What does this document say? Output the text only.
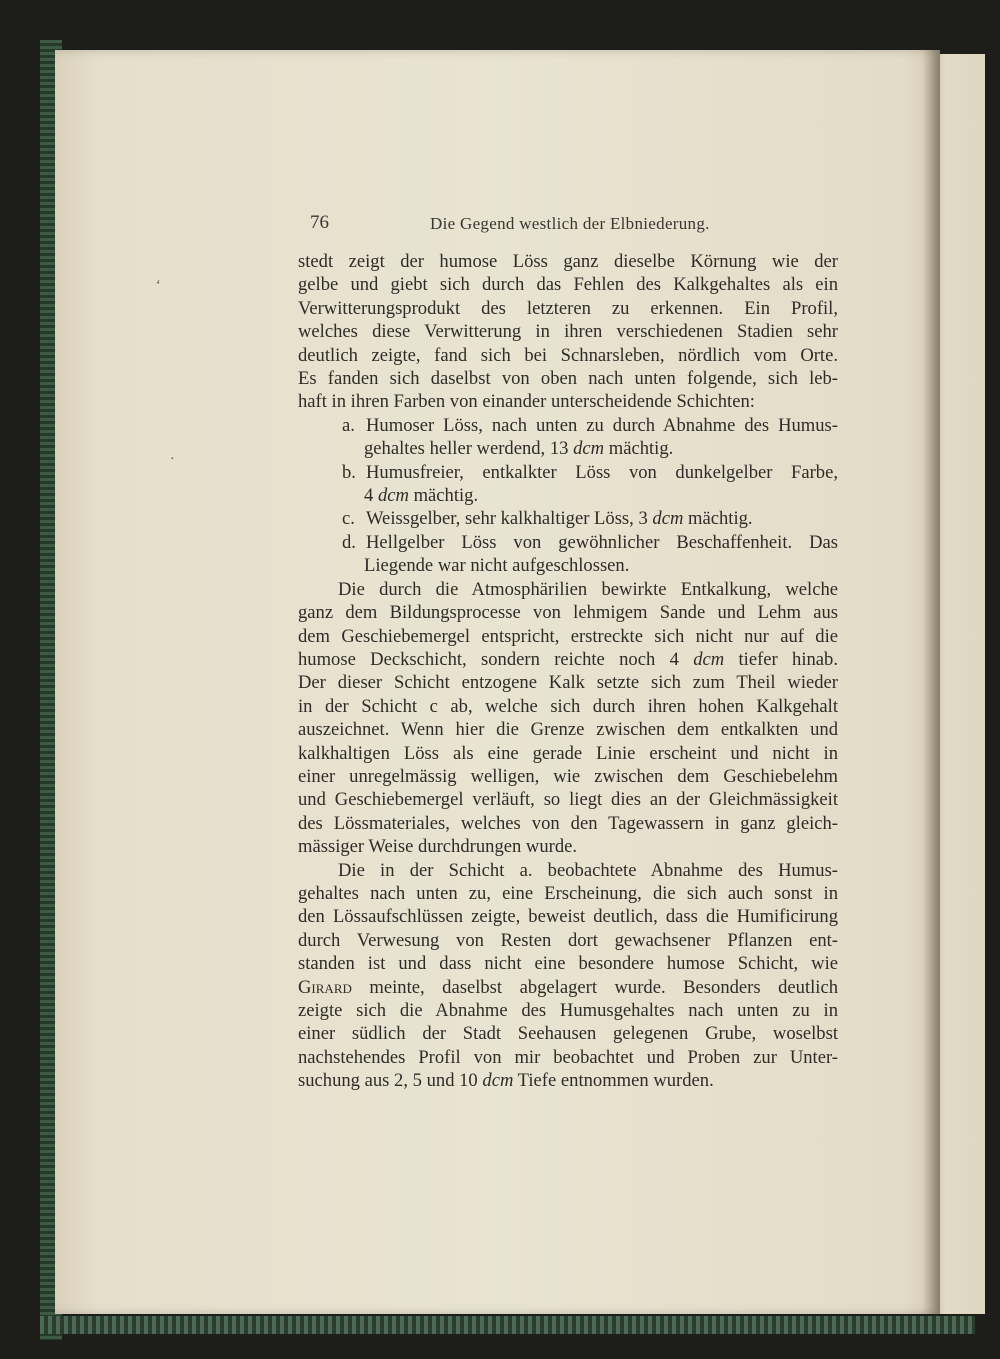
76	Die Gegend westlich der Elbniederung.
‘
·
stedt zeigt der humose Löss ganz dieselbe Körnung wie der
gelbe und giebt sich durch das Fehlen des Kalkgehaltes als ein
Verwitterungsprodukt des letzteren zu erkennen. Ein Profil,
welches diese Verwitterung in ihren verschiedenen Stadien sehr
deutlich zeigte, fand sich bei Schnarsleben, nördlich vom Orte.
Es fanden sich daselbst von oben nach unten folgende, sich leb-
haft in ihren Farben von einander unterscheidende Schichten:
a. Humoser Löss, nach unten zu durch Abnahme des Humus-
gehaltes heller werdend, 13 dcm mächtig.
b. Humusfreier, entkalkter Löss von dunkelgelber Farbe,
4 dcm mächtig.
c. Weissgelber, sehr kalkhaltiger Löss, 3 dcm mächtig.
d. Hellgelber Löss von gewöhnlicher Beschaffenheit. Das
Liegende war nicht aufgeschlossen.
Die durch die Atmosphärilien bewirkte Entkalkung, welche
ganz dem Bildungsprocesse von lehmigem Sande und Lehm aus
dem Geschiebemergel entspricht, erstreckte sich nicht nur auf die
humose Deckschicht, sondern reichte noch 4 dcm tiefer hinab.
Der dieser Schicht entzogene Kalk setzte sich zum Theil wieder
in der Schicht c ab, welche sich durch ihren hohen Kalkgehalt
auszeichnet. Wenn hier die Grenze zwischen dem entkalkten und
kalkhaltigen Löss als eine gerade Linie erscheint und nicht in
einer unregelmässig welligen, wie zwischen dem Geschiebelehm
und Geschiebemergel verläuft, so liegt dies an der Gleichmässigkeit
des Lössmateriales, welches von den Tagewassern in ganz gleich-
mässiger Weise durchdrungen wurde.
Die in der Schicht a. beobachtete Abnahme des Humus-
gehaltes nach unten zu, eine Erscheinung, die sich auch sonst in
den Lössaufschlüssen zeigte, beweist deutlich, dass die Humificirung
durch Verwesung von Resten dort gewachsener Pflanzen ent-
standen ist und dass nicht eine besondere humose Schicht, wie
Girard meinte, daselbst abgelagert wurde. Besonders deutlich
zeigte sich die Abnahme des Humusgehaltes nach unten zu in
einer südlich der Stadt Seehausen gelegenen Grube, woselbst
nachstehendes Profil von mir beobachtet und Proben zur Unter-
suchung aus 2, 5 und 10 dcm Tiefe entnommen wurden.
